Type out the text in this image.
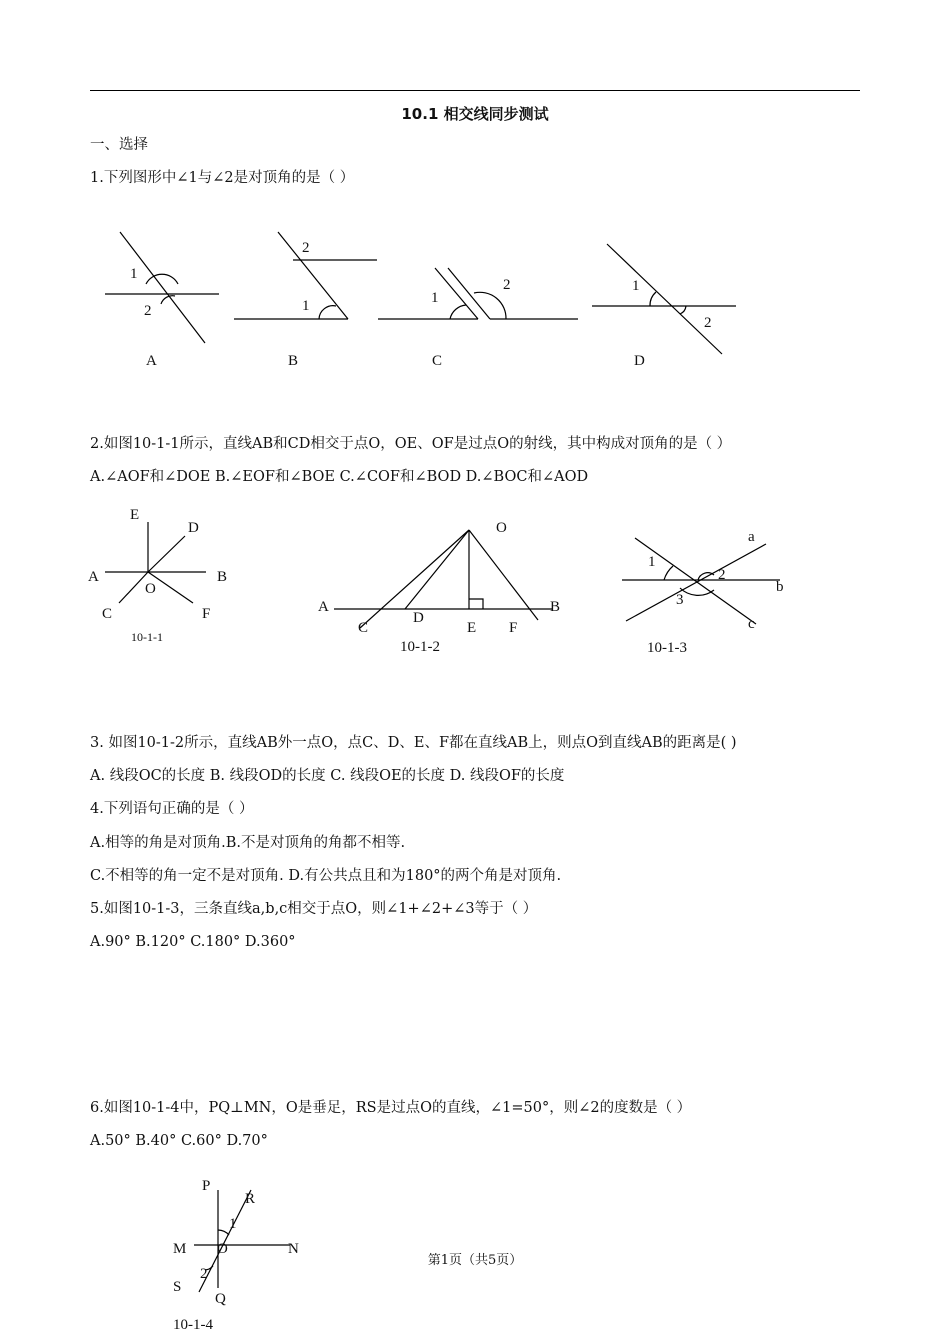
10.1 相交线同步测试
一、选择
1.下列图形中∠1与∠2是对顶角的是（ ）
1
2
A
2
1
B
1
2
C
1
2
D
2.如图10-1-1所示，直线AB和CD相交于点O，OE、OF是过点O的射线，其中构成对顶角的是（ ）
A.∠AOF和∠DOE B.∠EOF和∠BOE C.∠COF和∠BOD D.∠BOC和∠AOD
E
D
A	B
O
C	F
10-1-1
O
A	B
C
D
E F
10-1-2
1
2
3
a
b
c
10-1-3
3. 如图10-1-2所示，直线AB外一点O，点C、D、E、F都在直线AB上，则点O到直线AB的距离是( )
A. 线段OC的长度 B. 线段OD的长度 C. 线段OE的长度 D. 线段OF的长度
4.下列语句正确的是（ ）
A.相等的角是对顶角.B.不是对顶角的角都不相等.
C.不相等的角一定不是对顶角. D.有公共点且和为180°的两个角是对顶角.
5.如图10-1-3，三条直线a,b,c相交于点O，则∠1+∠2+∠3等于（ ）
A.90° B.120° C.180° D.360°
6.如图10-1-4中，PQ⊥MN，O是垂足，RS是过点O的直线，∠1=50°，则∠2的度数是（ ）
A.50° B.40° C.60° D.70°
P
R
1
M O	N
2
S
Q
10-1-4
第1页（共5页）
